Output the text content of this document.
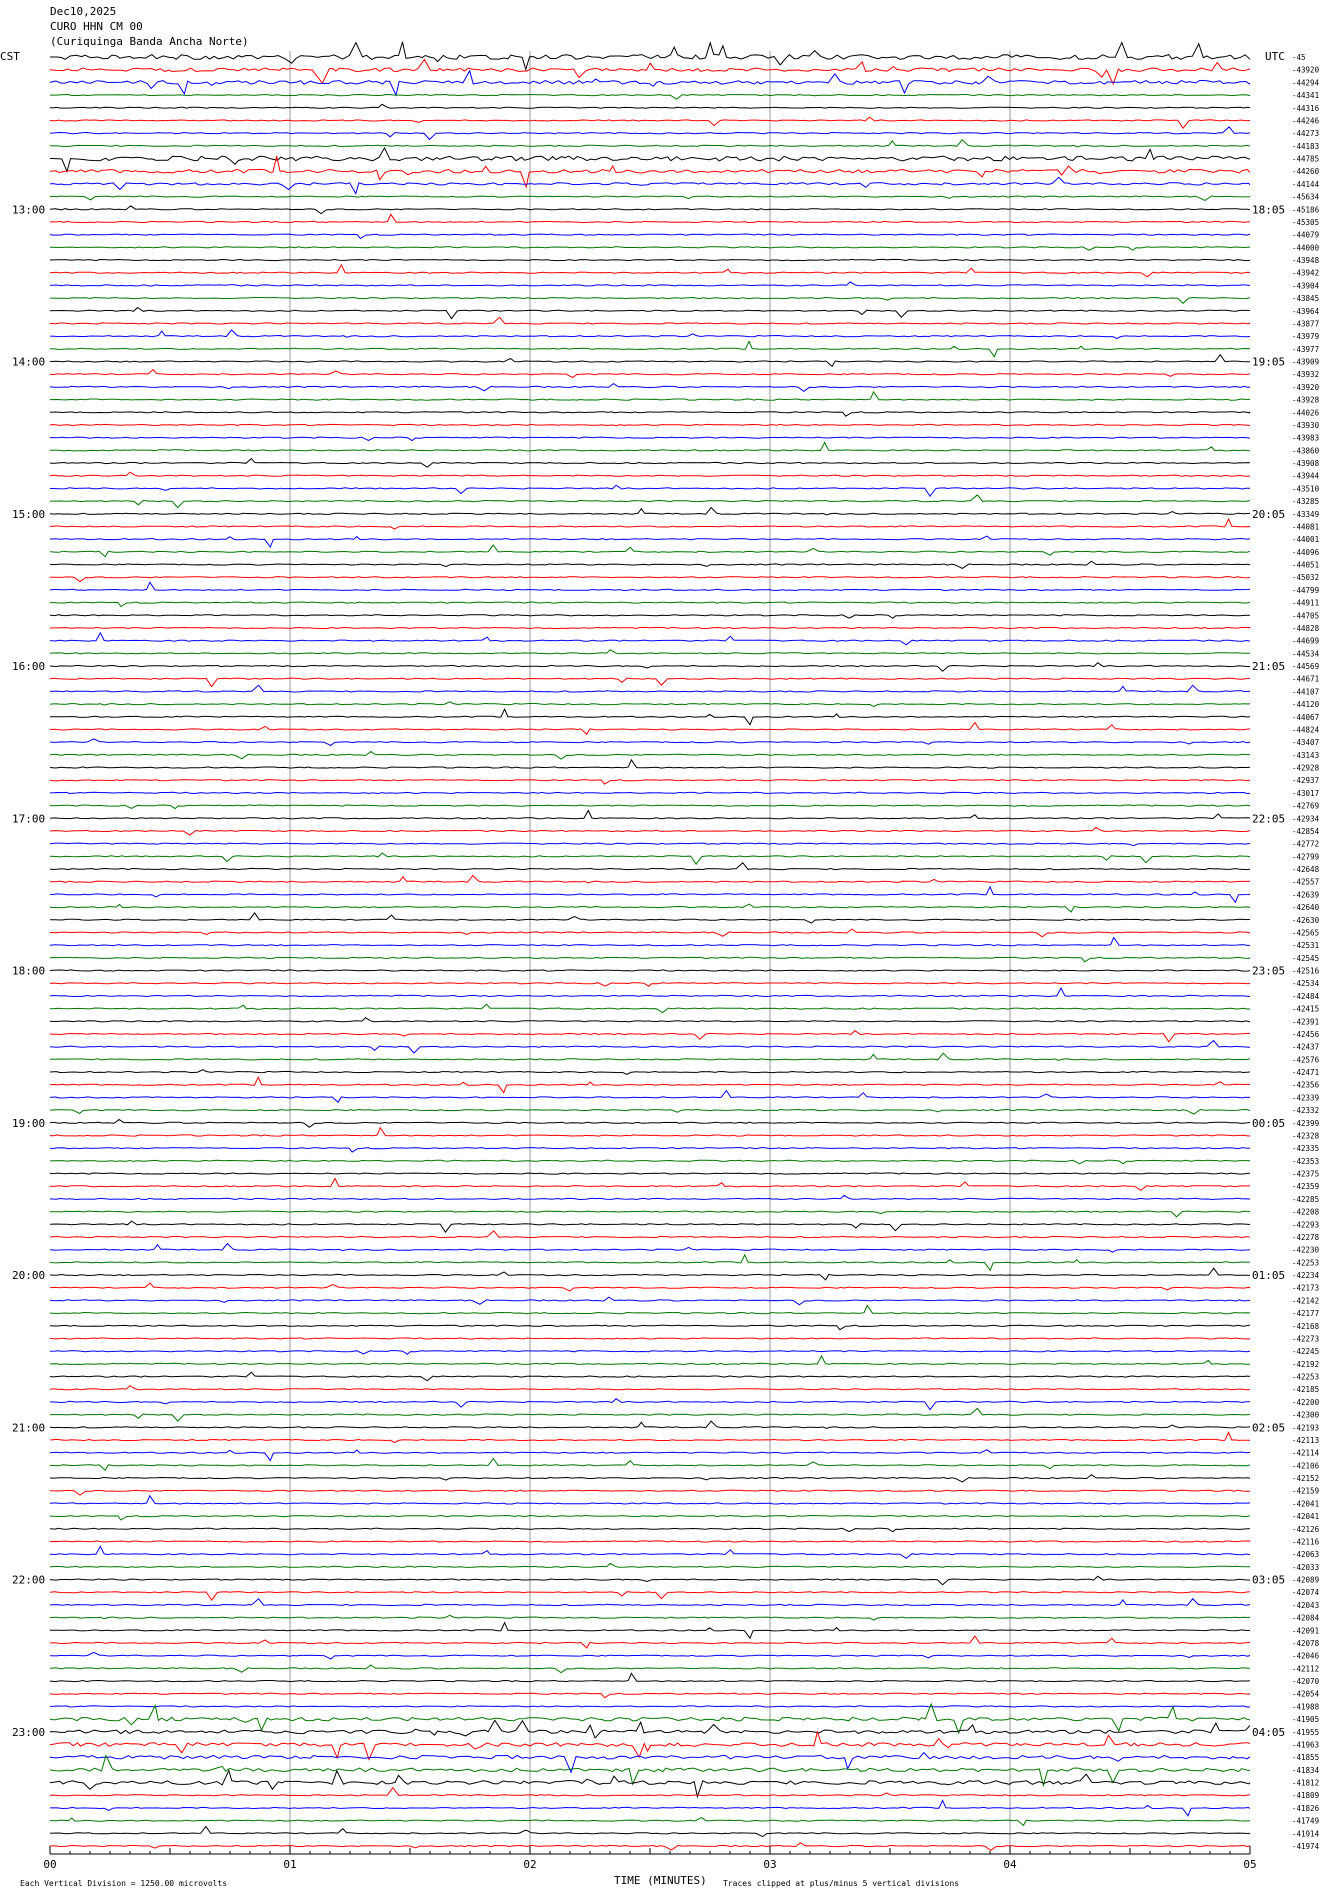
Dec10,2025
CURO HHN CM 00
(Curiquinga Banda Ancha Norte)
CST	UTC -45
-43920
-44294
-44341
-44316
-44246
-44273
-44183
-44785
-44260
-44144
-45634
-45186
-45305
-44079
-44000
-43948
-43942
-43904
-43845
-43964
-43877
-43979
-43977
-43909
-43932
-43920
-43928
-44026
-43930
-43983
-43860
-43908
-43944
-43510
-43285
-43349
-44081
-44001
-44096
-44051
-45032
-44799
-44911
-44705
-44828
-44699
-44534
-44569
-44671
-44107
-44120
-44067
-44824
-43407
-43143
-42928
-42937
-43017
-42769
-42934
-42854
-42772
-42799
-42648
-42557
-42639
-42640
-42630
-42565
-42531
-42545
-42516
-42534
-42484
-42415
-42391
-42456
-42437
-42576
-42471
-42356
-42339
-42332
-42399
-42328
-42335
-42353
-42375
-42359
-42285
-42208
-42293
-42278
-42230
-42253
-42234
-42173
-42142
-42177
-42168
-42273
-42245
-42192
-42253
-42185
-42200
-42300
-42193
-42113
-42114
-42106
-42152
-42159
-42041
-42041
-42126
-42116
-42063
-42033
-42089
-42074
-42043
-42084
-42091
-42078
-42046
-42112
-42070
-42054
-41988
-41905
-41955
-41963
-41855
-41834
-41812
-41809
-41826
-41749
-41914
-41974
13:00	18:05
14:00	19:05
15:00	20:05
16:00	21:05
17:00	22:05
18:00	23:05
19:00	00:05
20:00	01:05
21:00	02:05
22:00	03:05
23:00	04:05
00	01	02	03	04	05
TIME (MINUTES)
Each Vertical Division = 1250.00 microvolts	Traces clipped at plus/minus 5 vertical divisions
